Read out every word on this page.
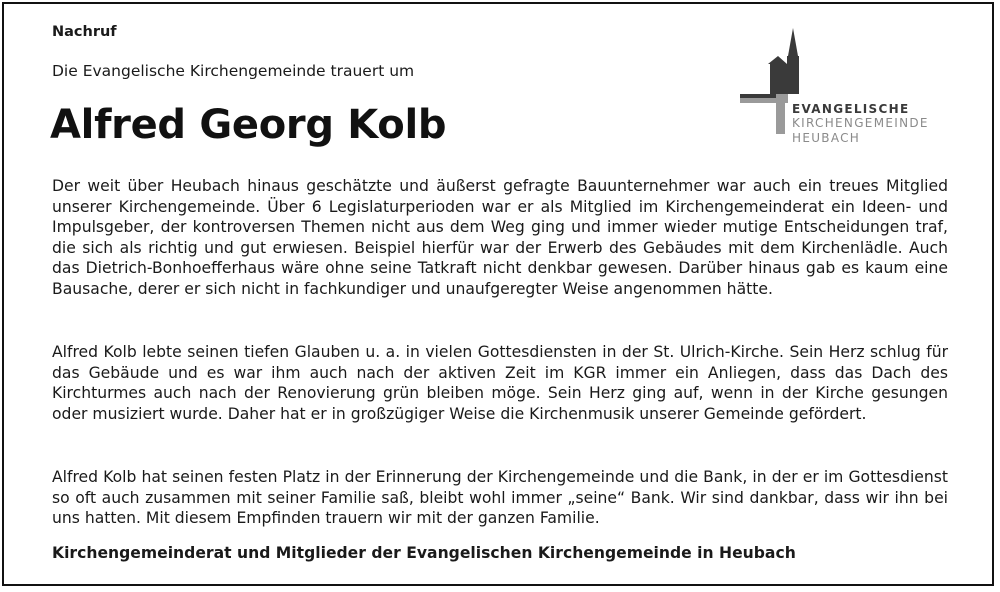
Nachruf
Die Evangelische Kirchengemeinde trauert um
Alfred Georg Kolb	EVANGELISCHE
KIRCHENGEMEINDE
HEUBACH

Der weit über Heubach hinaus geschätzte und äußerst gefragte Bauunternehmer war auch ein treues Mitglied unserer Kirchengemeinde. Über 6 Legislaturperioden war er als Mitglied im Kirchengemeinderat ein Ideen- und Impulsgeber, der kontroversen Themen nicht aus dem Weg ging und immer wieder mutige Entscheidungen traf, die sich als richtig und gut erwiesen. Beispiel hierfür war der Erwerb des Gebäudes mit dem Kirchenlädle. Auch das Dietrich-Bonhoefferhaus wäre ohne seine Tatkraft nicht denkbar gewesen. Darüber hinaus gab es kaum eine Bausache, derer er sich nicht in fachkundiger und unaufgeregter Weise angenommen hätte.

Alfred Kolb lebte seinen tiefen Glauben u. a. in vielen Gottesdiensten in der St. Ulrich-Kirche. Sein Herz schlug für das Gebäude und es war ihm auch nach der aktiven Zeit im KGR immer ein Anliegen, dass das Dach des Kirchturmes auch nach der Renovierung grün bleiben möge. Sein Herz ging auf, wenn in der Kirche gesungen oder musiziert wurde. Daher hat er in großzügiger Weise die Kirchenmusik unserer Gemeinde gefördert.

Alfred Kolb hat seinen festen Platz in der Erinnerung der Kirchengemeinde und die Bank, in der er im Gottesdienst so oft auch zusammen mit seiner Familie saß, bleibt wohl immer „seine“ Bank. Wir sind dankbar, dass wir ihn bei uns hatten. Mit diesem Empfinden trauern wir mit der ganzen Familie.

Kirchengemeinderat und Mitglieder der Evangelischen Kirchengemeinde in Heubach
